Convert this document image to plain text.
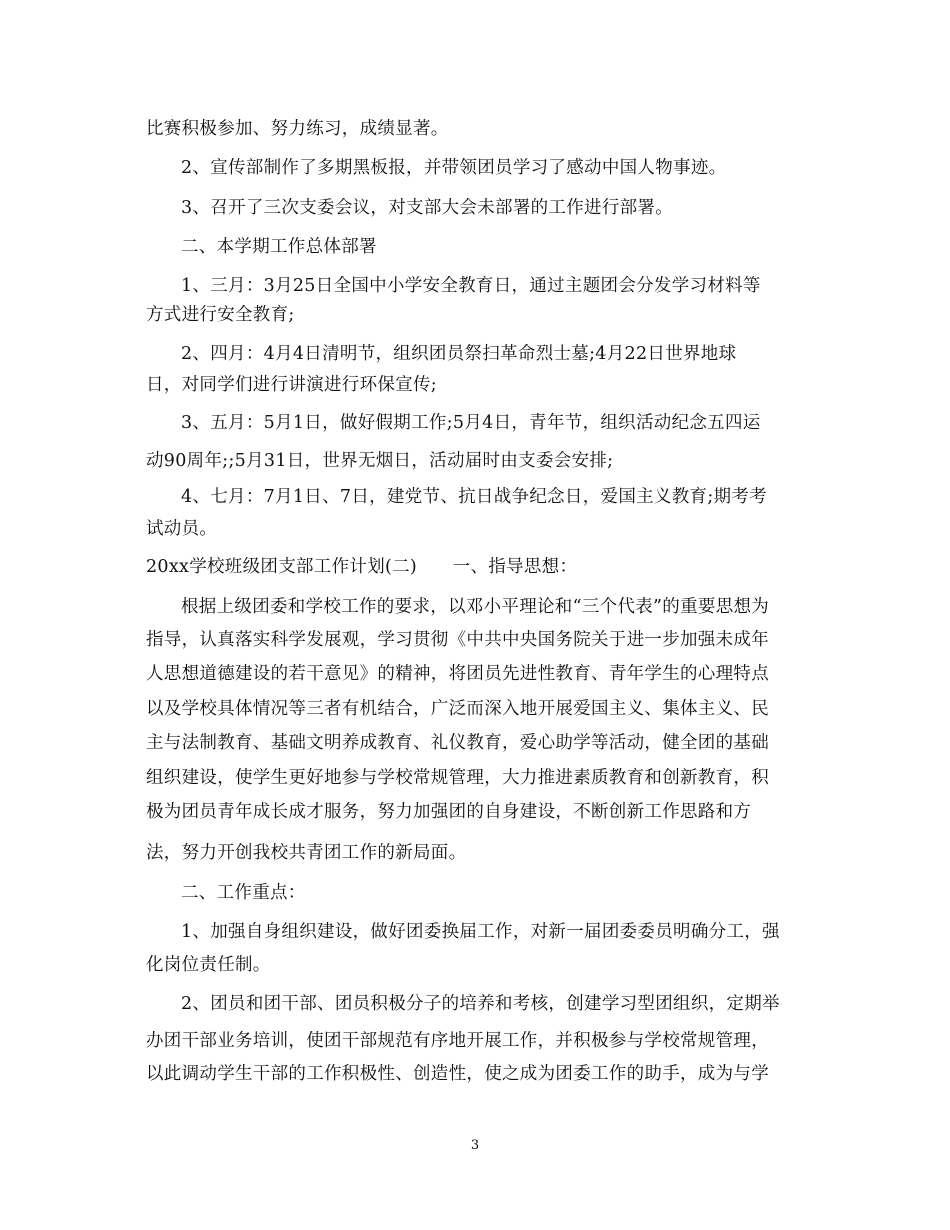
比赛积极参加、努力练习，成绩显著。
2、宣传部制作了多期黑板报，并带领团员学习了感动中国人物事迹。
3、召开了三次支委会议，对支部大会未部署的工作进行部署。
二、本学期工作总体部署
1、三月：3月25日全国中小学安全教育日，通过主题团会分发学习材料等
方式进行安全教育;
2、四月：4月4日清明节，组织团员祭扫革命烈士墓;4月22日世界地球
日，对同学们进行讲演进行环保宣传;
3、五月：5月1日，做好假期工作;5月4日，青年节，组织活动纪念五四运
动90周年;;5月31日，世界无烟日，活动届时由支委会安排;
4、七月：7月1日、7日，建党节、抗日战争纪念日，爱国主义教育;期考考
试动员。
20xx学校班级团支部工作计划(二)　　一、指导思想：
根据上级团委和学校工作的要求，以邓小平理论和“三个代表”的重要思想为
指导，认真落实科学发展观，学习贯彻《中共中央国务院关于进一步加强未成年
人思想道德建设的若干意见》的精神，将团员先进性教育、青年学生的心理特点
以及学校具体情况等三者有机结合，广泛而深入地开展爱国主义、集体主义、民
主与法制教育、基础文明养成教育、礼仪教育，爱心助学等活动，健全团的基础
组织建设，使学生更好地参与学校常规管理，大力推进素质教育和创新教育，积
极为团员青年成长成才服务，努力加强团的自身建设，不断创新工作思路和方
法，努力开创我校共青团工作的新局面。
二、工作重点：
1、加强自身组织建设，做好团委换届工作，对新一届团委委员明确分工，强
化岗位责任制。
2、团员和团干部、团员积极分子的培养和考核，创建学习型团组织，定期举
办团干部业务培训，使团干部规范有序地开展工作，并积极参与学校常规管理，
以此调动学生干部的工作积极性、创造性，使之成为团委工作的助手，成为与学
3
